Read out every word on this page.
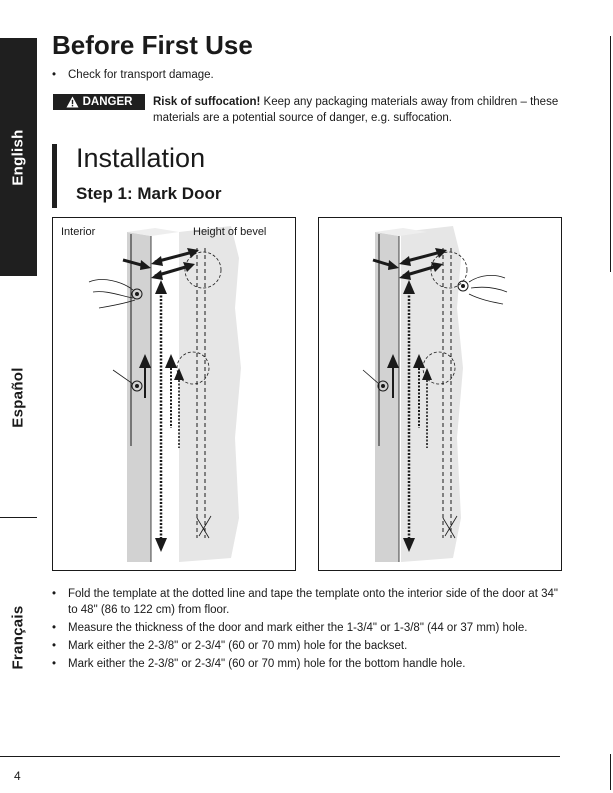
English
Español
Français
Before First Use
•	Check for transport damage.
DANGER Risk of suffocation! Keep any packaging materials away from children – these
materials are a potential source of danger, e.g. suffocation.
Installation
Step 1: Mark Door
Interior	Height of bevel
•	Fold the template at the dotted line and tape the template onto the interior side of the door at 34" to 48" (86 to 122 cm) from floor.
•	Measure the thickness of the door and mark either the 1-3/4" or 1-3/8" (44 or 37 mm) hole.
•	Mark either the 2-3/8" or 2-3/4" (60 or 70 mm) hole for the backset.
•	Mark either the 2-3/8" or 2-3/4" (60 or 70 mm) hole for the bottom handle hole.
4
